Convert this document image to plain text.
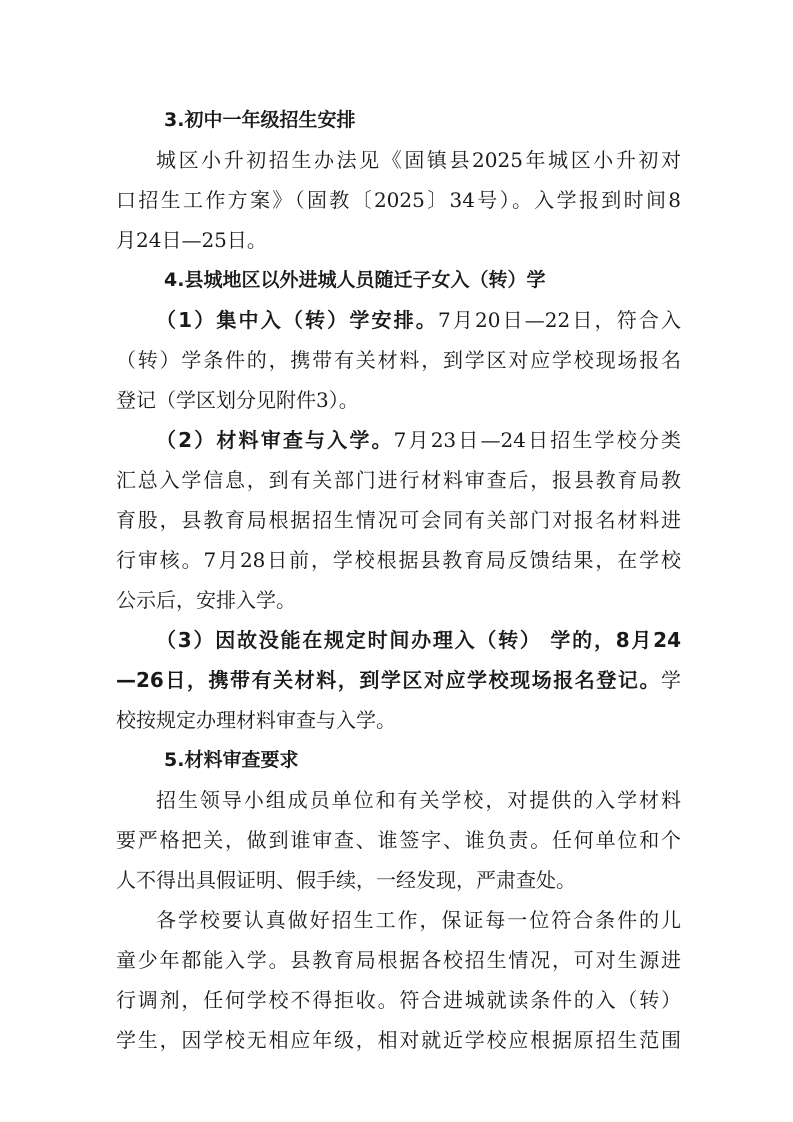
3.初中一年级招生安排
城区小升初招生办法见《固镇县2025年城区小升初对
口招生工作方案》（固教〔2025〕34号）。入学报到时间8
月24日—25日。
4.县城地区以外进城人员随迁子女入（转）学
（1）集中入（转）学安排。7月20日—22日，符合入
（转）学条件的，携带有关材料，到学区对应学校现场报名
登记（学区划分见附件3）。
（2）材料审查与入学。7月23日—24日招生学校分类
汇总入学信息，到有关部门进行材料审查后，报县教育局教
育股，县教育局根据招生情况可会同有关部门对报名材料进
行审核。7月28日前，学校根据县教育局反馈结果，在学校
公示后，安排入学。
（3）因故没能在规定时间办理入（转） 学的，8月24
—26日，携带有关材料，到学区对应学校现场报名登记。学
校按规定办理材料审查与入学。
5.材料审查要求
招生领导小组成员单位和有关学校，对提供的入学材料
要严格把关，做到谁审查、谁签字、谁负责。任何单位和个
人不得出具假证明、假手续，一经发现，严肃查处。
各学校要认真做好招生工作，保证每一位符合条件的儿
童少年都能入学。县教育局根据各校招生情况，可对生源进
行调剂，任何学校不得拒收。符合进城就读条件的入（转）
学生，因学校无相应年级，相对就近学校应根据原招生范围
